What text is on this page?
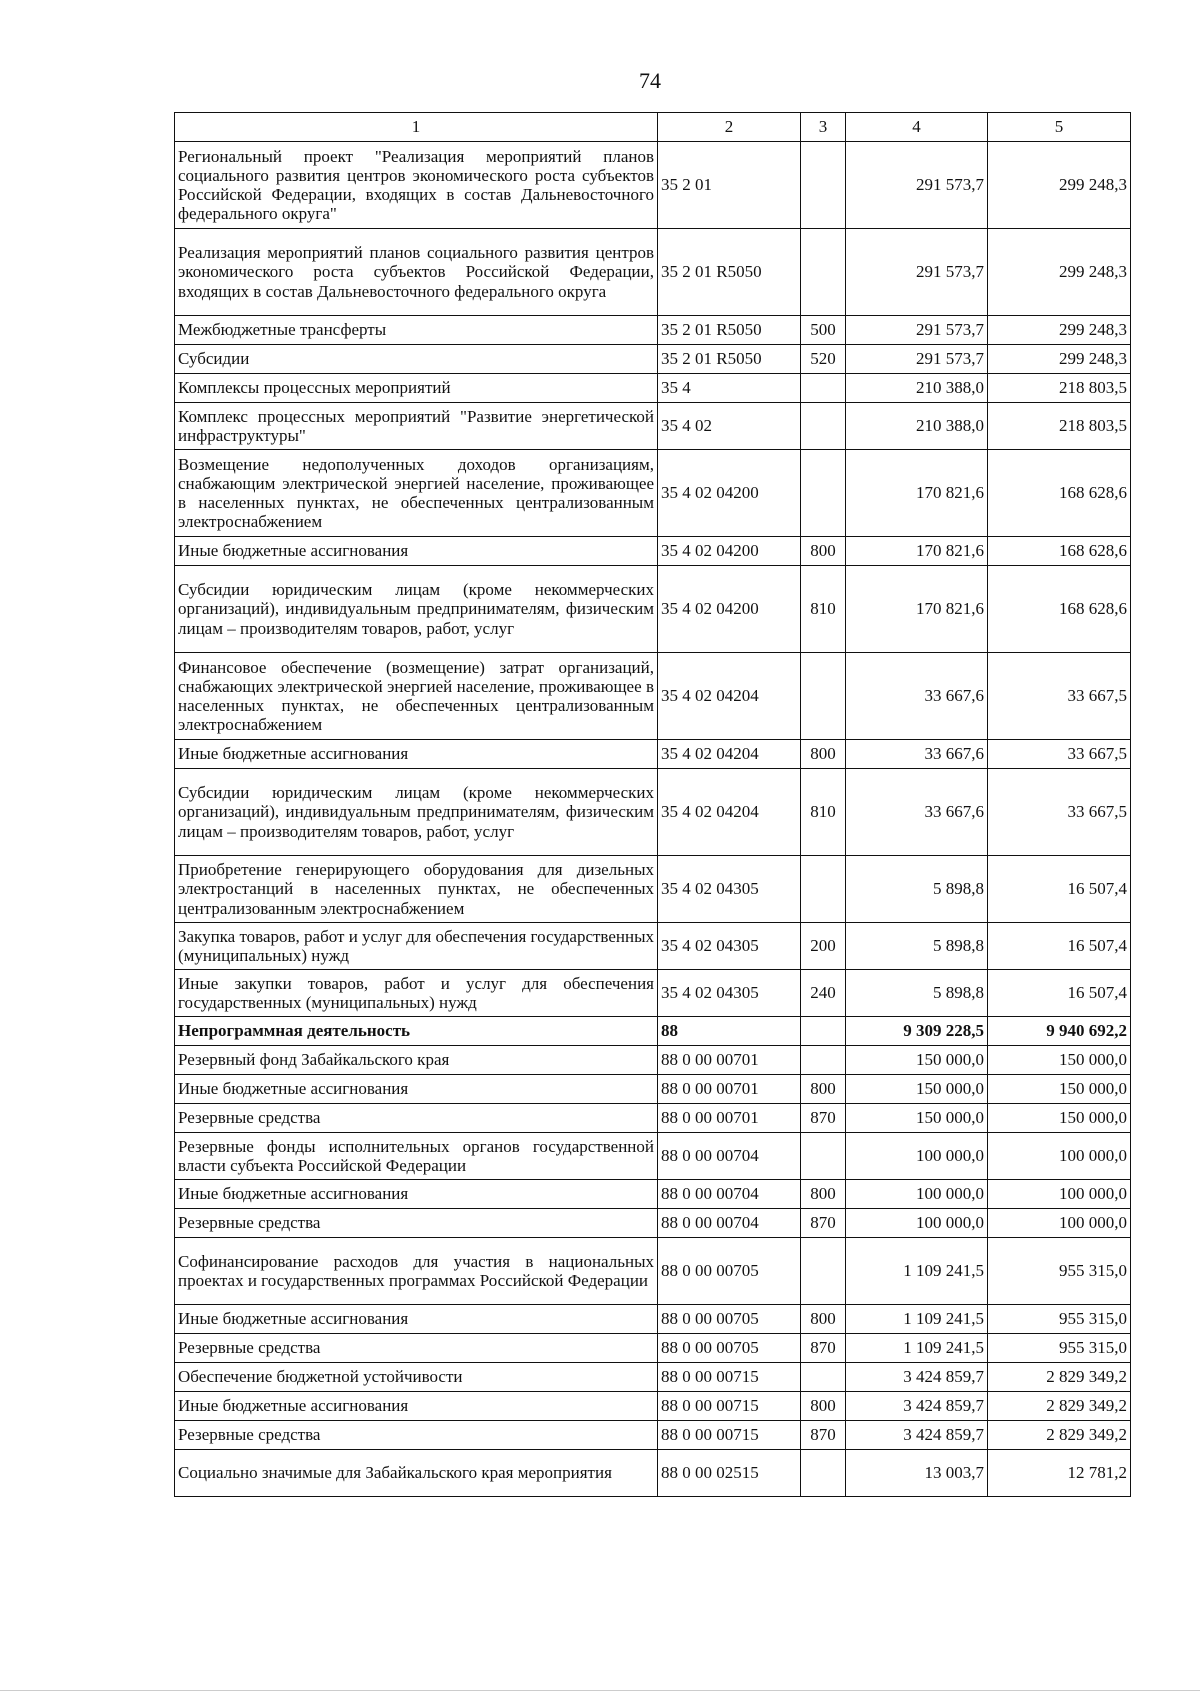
74
1	2	3	4	5
Региональный проект "Реализация мероприятий планов социального развития центров экономического роста субъектов Российской Федерации, входящих в состав Дальневосточного федерального округа"	35 2 01		291 573,7	299 248,3
Реализация мероприятий планов социального развития центров экономического роста субъектов Российской Федерации, входящих в состав Дальневосточного федерального округа	35 2 01 R5050		291 573,7	299 248,3
Межбюджетные трансферты	35 2 01 R5050	500	291 573,7	299 248,3
Субсидии	35 2 01 R5050	520	291 573,7	299 248,3
Комплексы процессных мероприятий	35 4		210 388,0	218 803,5
Комплекс процессных мероприятий "Развитие энергетической инфраструктуры"	35 4 02		210 388,0	218 803,5
Возмещение недополученных доходов организациям, снабжающим электрической энергией население, проживающее в населенных пунктах, не обеспеченных централизованным электроснабжением	35 4 02 04200		170 821,6	168 628,6
Иные бюджетные ассигнования	35 4 02 04200	800	170 821,6	168 628,6
Субсидии юридическим лицам (кроме некоммерческих организаций), индивидуальным предпринимателям, физическим лицам – производителям товаров, работ, услуг	35 4 02 04200	810	170 821,6	168 628,6
Финансовое обеспечение (возмещение) затрат организаций, снабжающих электрической энергией население, проживающее в населенных пунктах, не обеспеченных централизованным электроснабжением	35 4 02 04204		33 667,6	33 667,5
Иные бюджетные ассигнования	35 4 02 04204	800	33 667,6	33 667,5
Субсидии юридическим лицам (кроме некоммерческих организаций), индивидуальным предпринимателям, физическим лицам – производителям товаров, работ, услуг	35 4 02 04204	810	33 667,6	33 667,5
Приобретение генерирующего оборудования для дизельных электростанций в населенных пунктах, не обеспеченных централизованным электроснабжением	35 4 02 04305		5 898,8	16 507,4
Закупка товаров, работ и услуг для обеспечения государственных (муниципальных) нужд	35 4 02 04305	200	5 898,8	16 507,4
Иные закупки товаров, работ и услуг для обеспечения государственных (муниципальных) нужд	35 4 02 04305	240	5 898,8	16 507,4
Непрограммная деятельность	88		9 309 228,5	9 940 692,2
Резервный фонд Забайкальского края	88 0 00 00701		150 000,0	150 000,0
Иные бюджетные ассигнования	88 0 00 00701	800	150 000,0	150 000,0
Резервные средства	88 0 00 00701	870	150 000,0	150 000,0
Резервные фонды исполнительных органов государственной власти субъекта Российской Федерации	88 0 00 00704		100 000,0	100 000,0
Иные бюджетные ассигнования	88 0 00 00704	800	100 000,0	100 000,0
Резервные средства	88 0 00 00704	870	100 000,0	100 000,0
Софинансирование расходов для участия в национальных проектах и государственных программах Российской Федерации	88 0 00 00705		1 109 241,5	955 315,0
Иные бюджетные ассигнования	88 0 00 00705	800	1 109 241,5	955 315,0
Резервные средства	88 0 00 00705	870	1 109 241,5	955 315,0
Обеспечение бюджетной устойчивости	88 0 00 00715		3 424 859,7	2 829 349,2
Иные бюджетные ассигнования	88 0 00 00715	800	3 424 859,7	2 829 349,2
Резервные средства	88 0 00 00715	870	3 424 859,7	2 829 349,2
Социально значимые для Забайкальского края мероприятия	88 0 00 02515		13 003,7	12 781,2
